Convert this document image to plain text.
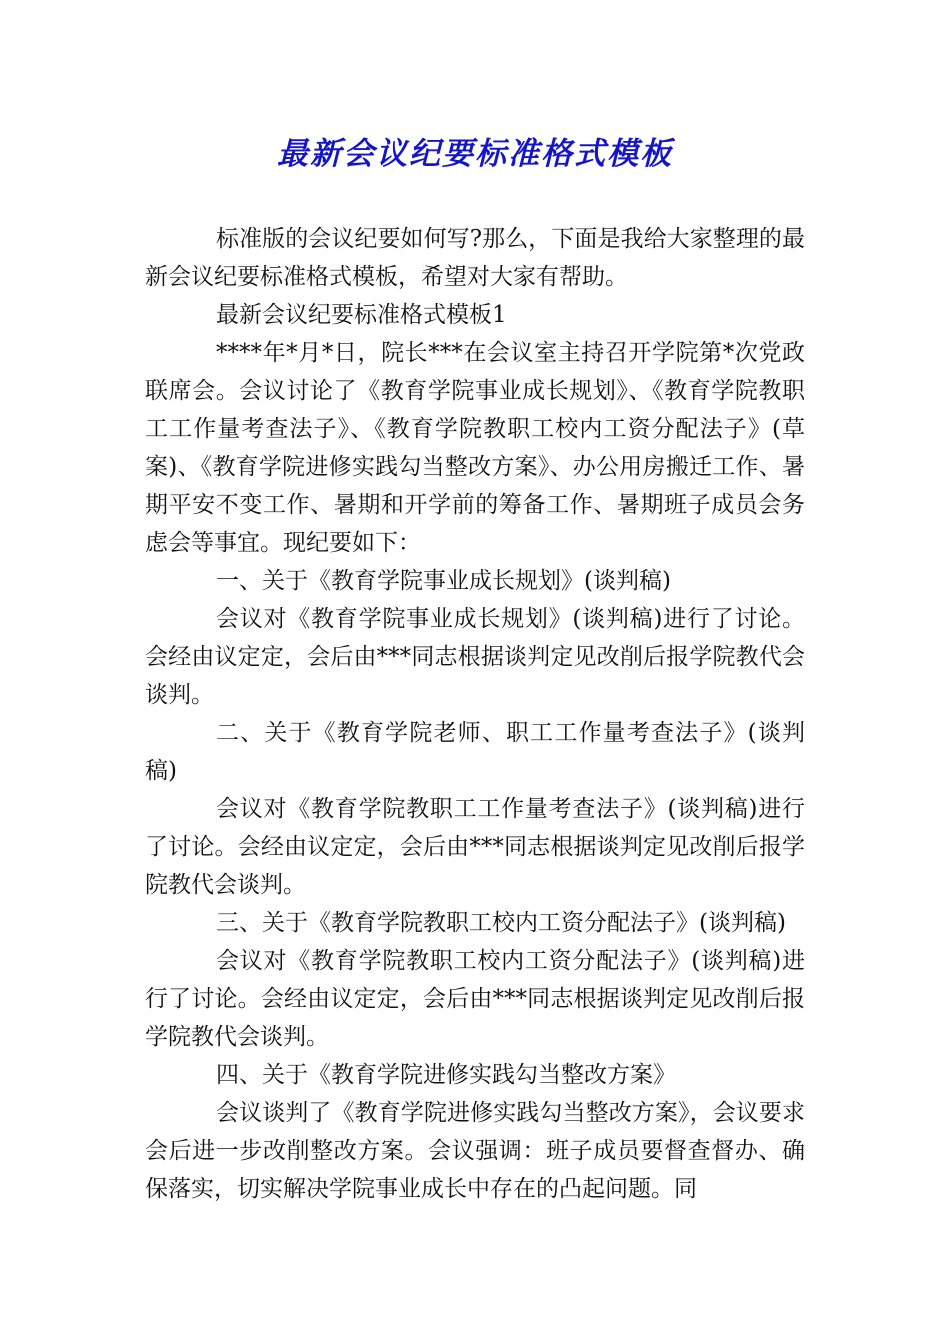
最新会议纪要标准格式模板

标准版的会议纪要如何写?那么，下面是我给大家整理的最新会议纪要标准格式模板，希望对大家有帮助。

最新会议纪要标准格式模板1

****年*月*日，院长***在会议室主持召开学院第*次党政联席会。会议讨论了《教育学院事业成长规划》、《教育学院教职工工作量考查法子》、《教育学院教职工校内工资分配法子》(草案)、《教育学院进修实践勾当整改方案》、办公用房搬迁工作、暑期平安不变工作、暑期和开学前的筹备工作、暑期班子成员会务虑会等事宜。现纪要如下：

一、关于《教育学院事业成长规划》(谈判稿)

会议对《教育学院事业成长规划》(谈判稿)进行了讨论。会经由议定定，会后由***同志根据谈判定见改削后报学院教代会谈判。

二、关于《教育学院老师、职工工作量考查法子》(谈判稿)

会议对《教育学院教职工工作量考查法子》(谈判稿)进行了讨论。会经由议定定，会后由***同志根据谈判定见改削后报学院教代会谈判。

三、关于《教育学院教职工校内工资分配法子》(谈判稿)

会议对《教育学院教职工校内工资分配法子》(谈判稿)进行了讨论。会经由议定定，会后由***同志根据谈判定见改削后报学院教代会谈判。

四、关于《教育学院进修实践勾当整改方案》

会议谈判了《教育学院进修实践勾当整改方案》，会议要求会后进一步改削整改方案。会议强调：班子成员要督查督办、确保落实，切实解决学院事业成长中存在的凸起问题。同
